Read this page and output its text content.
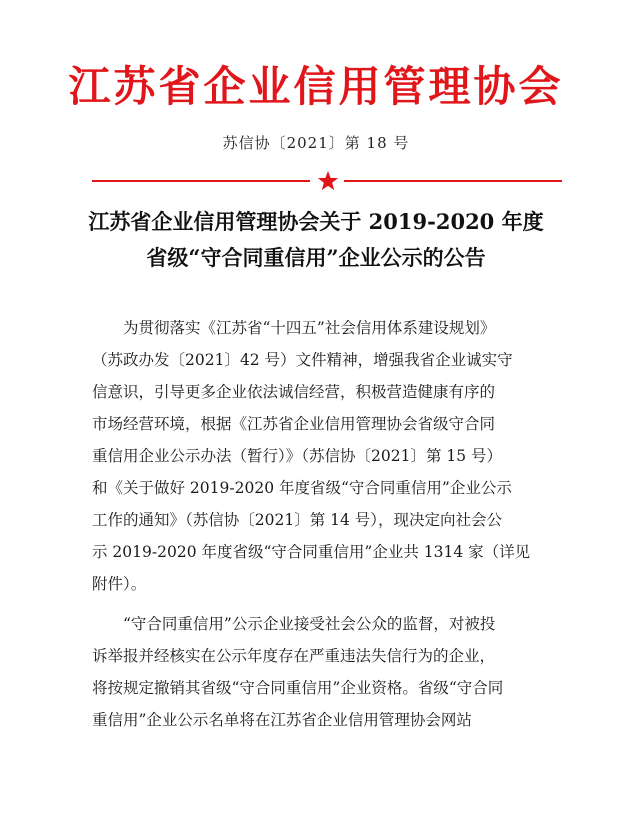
江苏省企业信用管理协会
苏信协〔2021〕第 18 号
江苏省企业信用管理协会关于 2019-2020 年度
省级“守合同重信用”企业公示的公告
为贯彻落实《江苏省“十四五”社会信用体系建设规划》
（苏政办发〔2021〕42 号）文件精神，增强我省企业诚实守
信意识，引导更多企业依法诚信经营，积极营造健康有序的
市场经营环境，根据《江苏省企业信用管理协会省级守合同
重信用企业公示办法（暂行）》（苏信协〔2021〕第 15 号）
和《关于做好 2019-2020 年度省级“守合同重信用”企业公示
工作的通知》（苏信协〔2021〕第 14 号），现决定向社会公
示 2019-2020 年度省级“守合同重信用”企业共 1314 家（详见
附件）。
“守合同重信用”公示企业接受社会公众的监督，对被投
诉举报并经核实在公示年度存在严重违法失信行为的企业，
将按规定撤销其省级“守合同重信用”企业资格。省级“守合同
重信用”企业公示名单将在江苏省企业信用管理协会网站
